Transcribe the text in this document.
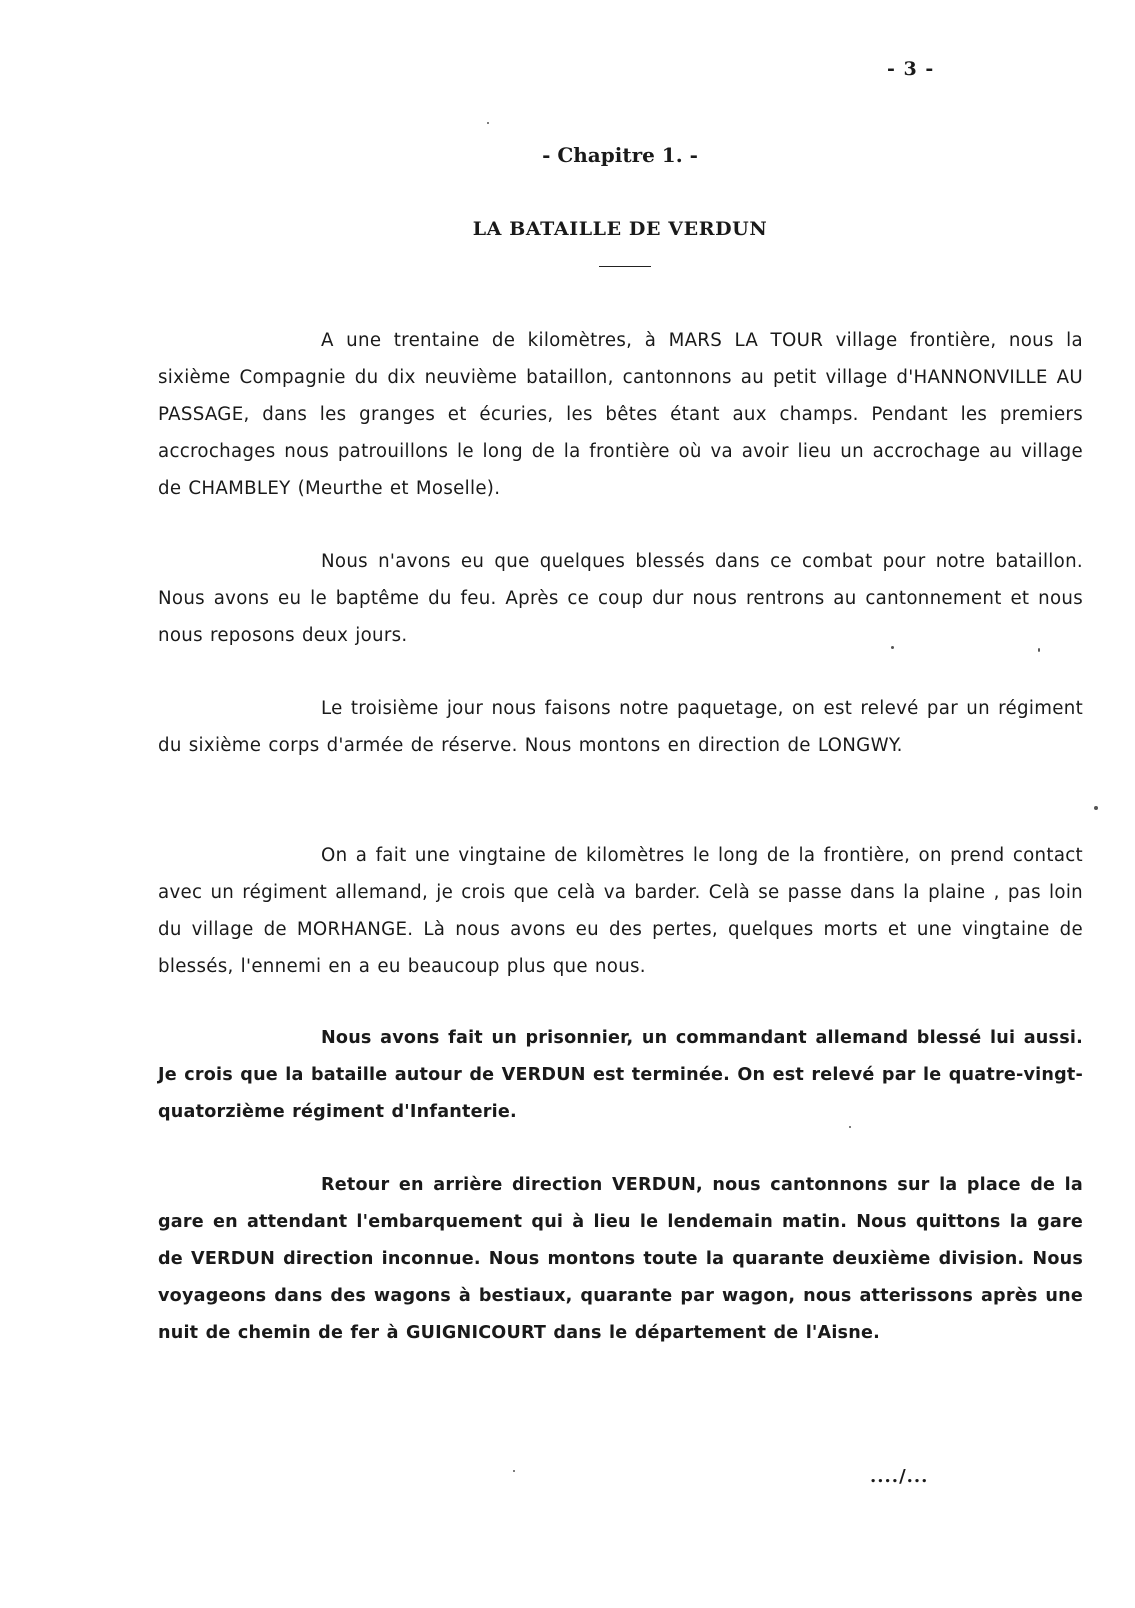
- 3 -
- Chapitre 1. -
LA BATAILLE DE VERDUN

A une trentaine de kilomètres, à MARS LA TOUR village frontière, nous la sixième Compagnie du dix neuvième bataillon, cantonnons au petit village d'HANNONVILLE AU PASSAGE, dans les granges et écuries, les bêtes étant aux champs. Pendant les premiers accrochages nous patrouillons le long de la frontière où va avoir lieu un accrochage au village de CHAMBLEY (Meurthe et Moselle).

Nous n'avons eu que quelques blessés dans ce combat pour notre bataillon. Nous avons eu le baptême du feu. Après ce coup dur nous rentrons au cantonnement et nous nous reposons deux jours.

Le troisième jour nous faisons notre paquetage, on est relevé par un régiment du sixième corps d'armée de réserve. Nous montons en direction de LONGWY.

On a fait une vingtaine de kilomètres le long de la frontière, on prend contact avec un régiment allemand, je crois que celà va barder. Celà se passe dans la plaine , pas loin du village de MORHANGE. Là nous avons eu des pertes, quelques morts et une vingtaine de blessés, l'ennemi en a eu beaucoup plus que nous.

Nous avons fait un prisonnier, un commandant allemand blessé lui aussi. Je crois que la bataille autour de VERDUN est terminée. On est relevé par le quatre-vingt-quatorzième régiment d'Infanterie.

Retour en arrière direction VERDUN, nous cantonnons sur la place de la gare en attendant l'embarquement qui à lieu le lendemain matin. Nous quittons la gare de VERDUN direction inconnue. Nous montons toute la quarante deuxième division. Nous voyageons dans des wagons à bestiaux, quarante par wagon, nous atterissons après une nuit de chemin de fer à GUIGNICOURT dans le département de l'Aisne.

..../...
